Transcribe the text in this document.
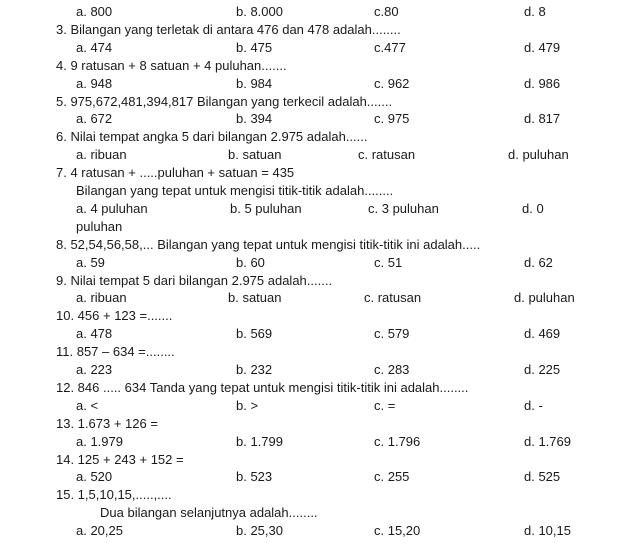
a. 800	b. 8.000	c.80	d. 8
3. Bilangan yang terletak di antara 476 dan 478 adalah........
a. 474	b. 475	c.477	d. 479
4. 9 ratusan + 8 satuan + 4 puluhan.......
a. 948	b. 984	c. 962	d. 986
5. 975,672,481,394,817 Bilangan yang terkecil adalah.......
a. 672	b. 394	c. 975	d. 817
6. Nilai tempat angka 5 dari bilangan 2.975 adalah......
a. ribuan	b. satuan	c. ratusan	d. puluhan
7. 4 ratusan + .....puluhan + satuan = 435
Bilangan yang tepat untuk mengisi titik-titik adalah........
a. 4 puluhan	b. 5 puluhan	c. 3 puluhan	d. 0
puluhan
8. 52,54,56,58,... Bilangan yang tepat untuk mengisi titik-titik ini adalah.....
a. 59	b. 60	c. 51	d. 62
9. Nilai tempat 5 dari bilangan 2.975 adalah.......
a. ribuan	b. satuan	c. ratusan	d. puluhan
10. 456 + 123 =.......
a. 478	b. 569	c. 579	d. 469
11. 857 – 634 =........
a. 223	b. 232	c. 283	d. 225
12. 846 ..... 634 Tanda yang tepat untuk mengisi titik-titik ini adalah........
a. <	b. >	c. =	d. -
13. 1.673 + 126 =
a. 1.979	b. 1.799	c. 1.796	d. 1.769
14. 125 + 243 + 152 =
a. 520	b. 523	c. 255	d. 525
15. 1,5,10,15,.....,....
Dua bilangan selanjutnya adalah........
a. 20,25	b. 25,30	c. 15,20	d. 10,15
